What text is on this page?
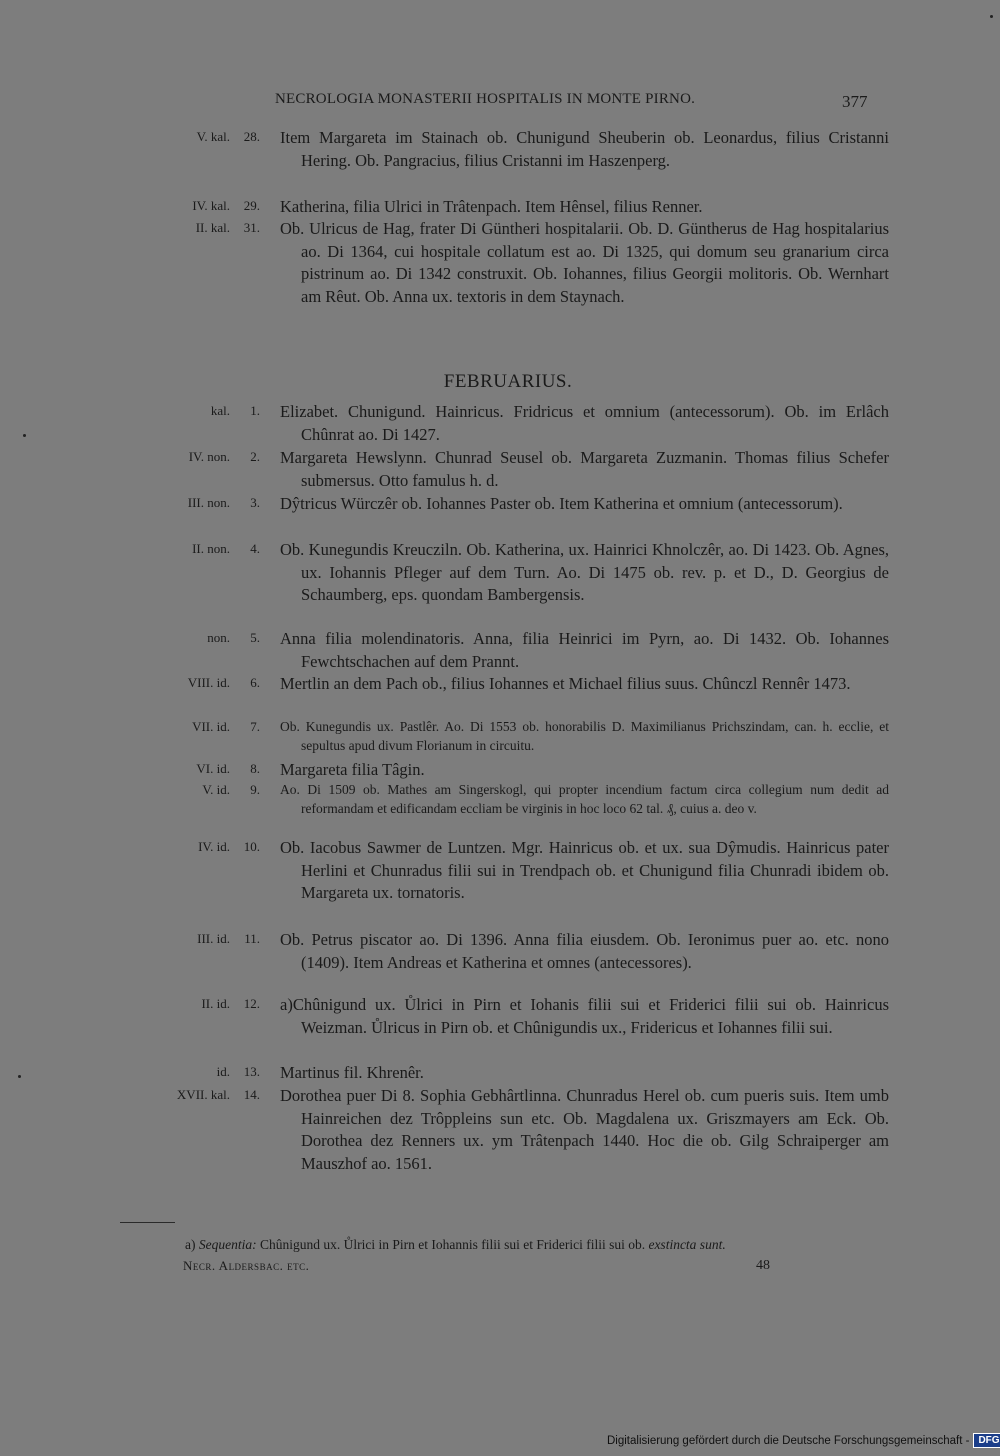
NECROLOGIA MONASTERII HOSPITALIS IN MONTE PIRNO.	377
V. kal.	28. Item Margareta im Stainach ob. Chunigund Sheuberin ob. Leonardus, filius Cristanni Hering. Ob. Pangracius, filius Cristanni im Haszenperg.

IV. kal.	29. Katherina, filia Ulrici in Trâtenpach. Item Hênsel, filius Renner.

II. kal.	31. Ob. Ulricus de Hag, frater Di Güntheri hospitalarii. Ob. D. Güntherus de Hag hospitalarius ao. Di 1364, cui hospitale collatum est ao. Di 1325, qui domum seu granarium circa pistrinum ao. Di 1342 construxit. Ob. Iohannes, filius Georgii molitoris. Ob. Wernhart am Rêut. Ob. Anna ux. textoris in dem Staynach.

FEBRUARIUS.
kal.	1. Elizabet. Chunigund. Hainricus. Fridricus et omnium (antecessorum). Ob. im Erlâch Chûnrat ao. Di 1427.

IV. non.	2. Margareta Hewslynn. Chunrad Seusel ob. Margareta Zuzmanin. Thomas filius Schefer submersus. Otto famulus h. d.

III. non.	3. Dŷtricus Würczêr ob. Iohannes Paster ob. Item Katherina et omnium (antecessorum).

II. non.	4. Ob. Kunegundis Kreucziln. Ob. Katherina, ux. Hainrici Khnolczêr, ao. Di 1423. Ob. Agnes, ux. Iohannis Pfleger auf dem Turn. Ao. Di 1475 ob. rev. p. et D., D. Georgius de Schaumberg, eps. quondam Bambergensis.

non.	5. Anna filia molendinatoris. Anna, filia Heinrici im Pyrn, ao. Di 1432. Ob. Iohannes Fewchtschachen auf dem Prannt.

VIII. id.	6. Mertlin an dem Pach ob., filius Iohannes et Michael filius suus. Chûnczl Rennêr 1473.

VII. id.	7. Ob. Kunegundis ux. Pastlêr. Ao. Di 1553 ob. honorabilis D. Maximilianus Prichszindam, can. h. ecclie, et sepultus apud divum Florianum in circuitu.

VI. id.	8. Margareta filia Tâgin.

V. id.	9. Ao. Di 1509 ob. Mathes am Singerskogl, qui propter incendium factum circa collegium num dedit ad reformandam et edificandam eccliam be virginis in hoc loco 62 tal. ₰, cuius a. deo v.

IV. id.	10. Ob. Iacobus Sawmer de Luntzen. Mgr. Hainricus ob. et ux. sua Dŷmudis. Hainricus pater Herlini et Chunradus filii sui in Trendpach ob. et Chunigund filia Chunradi ibidem ob. Margareta ux. tornatoris.

III. id.	11. Ob. Petrus piscator ao. Di 1396. Anna filia eiusdem. Ob. Ieronimus puer ao. etc. nono (1409). Item Andreas et Katherina et omnes (antecessores).

II. id.	12. a)Chûnigund ux. Ůlrici in Pirn et Iohanis filii sui et Friderici filii sui ob. Hainricus Weizman. Ůlricus in Pirn ob. et Chûnigundis ux., Fridericus et Iohannes filii sui.

id.	13. Martinus fil. Khrenêr.

XVII. kal.	14. Dorothea puer Di 8. Sophia Gebhârtlinna. Chunradus Herel ob. cum pueris suis. Item umb Hainreichen dez Trôppleins sun etc. Ob. Magdalena ux. Griszmayers am Eck. Ob. Dorothea dez Renners ux. ym Trâtenpach 1440. Hoc die ob. Gilg Schraiperger am Mauszhof ao. 1561.

a) Sequentia: Chûnigund ux. Ůlrici in Pirn et Iohannis filii sui et Friderici filii sui ob. exstincta sunt.
Necr. Aldersbac. etc.	48
Digitalisierung gefördert durch die Deutsche Forschungsgemeinschaft - DFG
